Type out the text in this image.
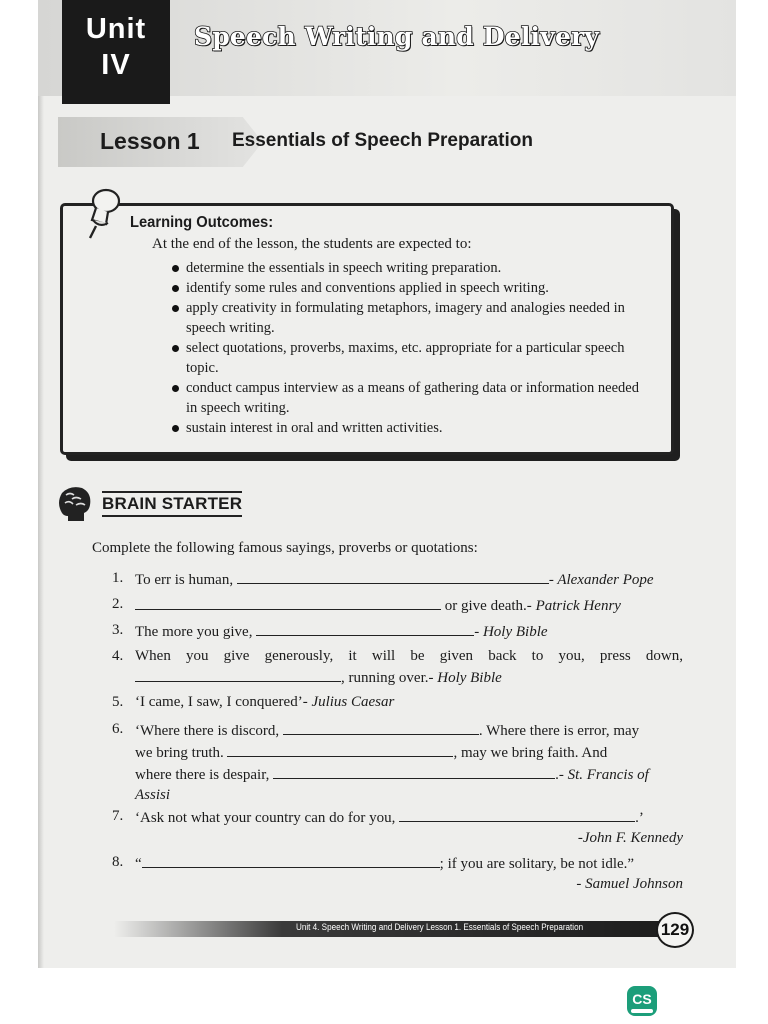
Unit
IV
Speech Writing and Delivery
Lesson 1 Essentials of Speech Preparation
Learning Outcomes:
At the end of the lesson, the students are expected to:
determine the essentials in speech writing preparation.
identify some rules and conventions applied in speech writing.
apply creativity in formulating metaphors, imagery and analogies needed in speech writing.
select quotations, proverbs, maxims, etc. appropriate for a particular speech topic.
conduct campus interview as a means of gathering data or information needed in speech writing.
sustain interest in oral and written activities.
BRAIN STARTER
Complete the following famous sayings, proverbs or quotations:
1. To err is human,	- Alexander Pope
2.	or give death.- Patrick Henry
3. The more you give,	- Holy Bible
4. When you give generously, it will be given back to you, press down,
, running over.- Holy Bible
5. ‘I came, I saw, I conquered’- Julius Caesar
6. ‘Where there is discord,	. Where there is error, may
we bring truth.	, may we bring faith. And
where there is despair,	.- St. Francis of
Assisi
7. ‘Ask not what your country can do for you,	.’
-John F. Kennedy
8. “	; if you are solitary, be not idle.”
- Samuel Johnson
Unit 4. Speech Writing and Delivery Lesson 1. Essentials of Speech Preparation	129
CS
